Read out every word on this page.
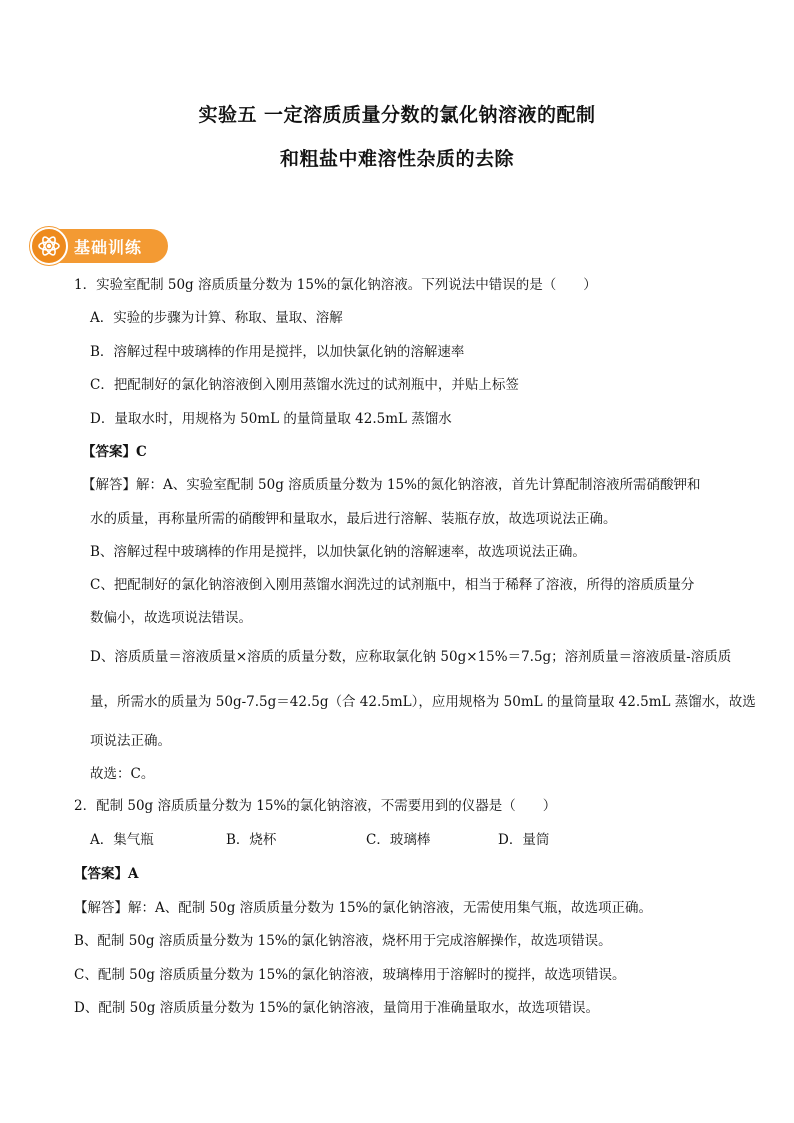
实验五 一定溶质质量分数的氯化钠溶液的配制
和粗盐中难溶性杂质的去除
基础训练
1．实验室配制 50g 溶质质量分数为 15%的氯化钠溶液。下列说法中错误的是（　　）
A．实验的步骤为计算、称取、量取、溶解
B．溶解过程中玻璃棒的作用是搅拌，以加快氯化钠的溶解速率
C．把配制好的氯化钠溶液倒入刚用蒸馏水洗过的试剂瓶中，并贴上标签
D．量取水时，用规格为 50mL 的量筒量取 42.5mL 蒸馏水
【答案】C
【解答】解：A、实验室配制 50g 溶质质量分数为 15%的氮化钠溶液，首先计算配制溶液所需硝酸钾和
水的质量，再称量所需的硝酸钾和量取水，最后进行溶解、装瓶存放，故选项说法正确。
B、溶解过程中玻璃棒的作用是搅拌，以加快氯化钠的溶解速率，故选项说法正确。
C、把配制好的氯化钠溶液倒入刚用蒸馏水润洗过的试剂瓶中，相当于稀释了溶液，所得的溶质质量分
数偏小，故选项说法错误。
D、溶质质量＝溶液质量×溶质的质量分数，应称取氯化钠 50g×15%＝7.5g；溶剂质量＝溶液质量-溶质质
量，所需水的质量为 50g-7.5g＝42.5g（合 42.5mL），应用规格为 50mL 的量筒量取 42.5mL 蒸馏水，故选
项说法正确。
故选：C。
2．配制 50g 溶质质量分数为 15%的氯化钠溶液，不需要用到的仪器是（　　）
A．集气瓶	B．烧杯	C．玻璃棒	D．量筒
【答案】A
【解答】解：A、配制 50g 溶质质量分数为 15%的氯化钠溶液，无需使用集气瓶，故选项正确。
B、配制 50g 溶质质量分数为 15%的氯化钠溶液，烧杯用于完成溶解操作，故选项错误。
C、配制 50g 溶质质量分数为 15%的氯化钠溶液，玻璃棒用于溶解时的搅拌，故选项错误。
D、配制 50g 溶质质量分数为 15%的氯化钠溶液，量筒用于准确量取水，故选项错误。
